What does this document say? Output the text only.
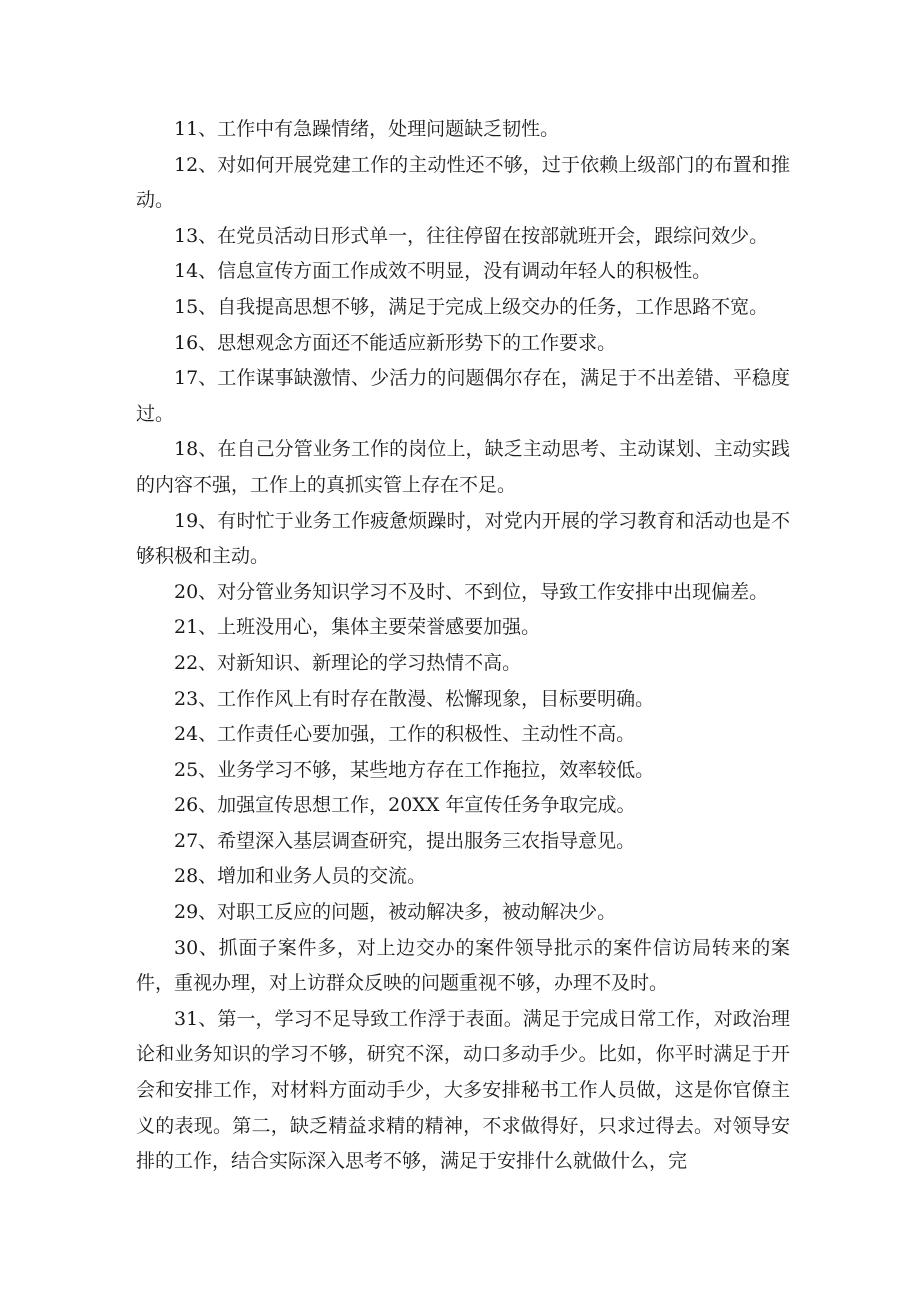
11、工作中有急躁情绪，处理问题缺乏韧性。

12、对如何开展党建工作的主动性还不够，过于依赖上级部门的布置和推动。

13、在党员活动日形式单一，往往停留在按部就班开会，跟综问效少。

14、信息宣传方面工作成效不明显，没有调动年轻人的积极性。

15、自我提高思想不够，满足于完成上级交办的任务，工作思路不宽。

16、思想观念方面还不能适应新形势下的工作要求。

17、工作谋事缺激情、少活力的问题偶尔存在，满足于不出差错、平稳度过。

18、在自己分管业务工作的岗位上，缺乏主动思考、主动谋划、主动实践的内容不强，工作上的真抓实管上存在不足。

19、有时忙于业务工作疲惫烦躁时，对党内开展的学习教育和活动也是不够积极和主动。

20、对分管业务知识学习不及时、不到位，导致工作安排中出现偏差。

21、上班没用心，集体主要荣誉感要加强。

22、对新知识、新理论的学习热情不高。

23、工作作风上有时存在散漫、松懈现象，目标要明确。

24、工作责任心要加强，工作的积极性、主动性不高。

25、业务学习不够，某些地方存在工作拖拉，效率较低。

26、加强宣传思想工作，20XX 年宣传任务争取完成。

27、希望深入基层调查研究，提出服务三农指导意见。

28、增加和业务人员的交流。

29、对职工反应的问题，被动解决多，被动解决少。

30、抓面子案件多，对上边交办的案件领导批示的案件信访局转来的案件，重视办理，对上访群众反映的问题重视不够，办理不及时。

31、第一，学习不足导致工作浮于表面。满足于完成日常工作，对政治理论和业务知识的学习不够，研究不深，动口多动手少。比如，你平时满足于开会和安排工作，对材料方面动手少，大多安排秘书工作人员做，这是你官僚主义的表现。第二，缺乏精益求精的精神，不求做得好，只求过得去。对领导安排的工作，结合实际深入思考不够，满足于安排什么就做什么，完
